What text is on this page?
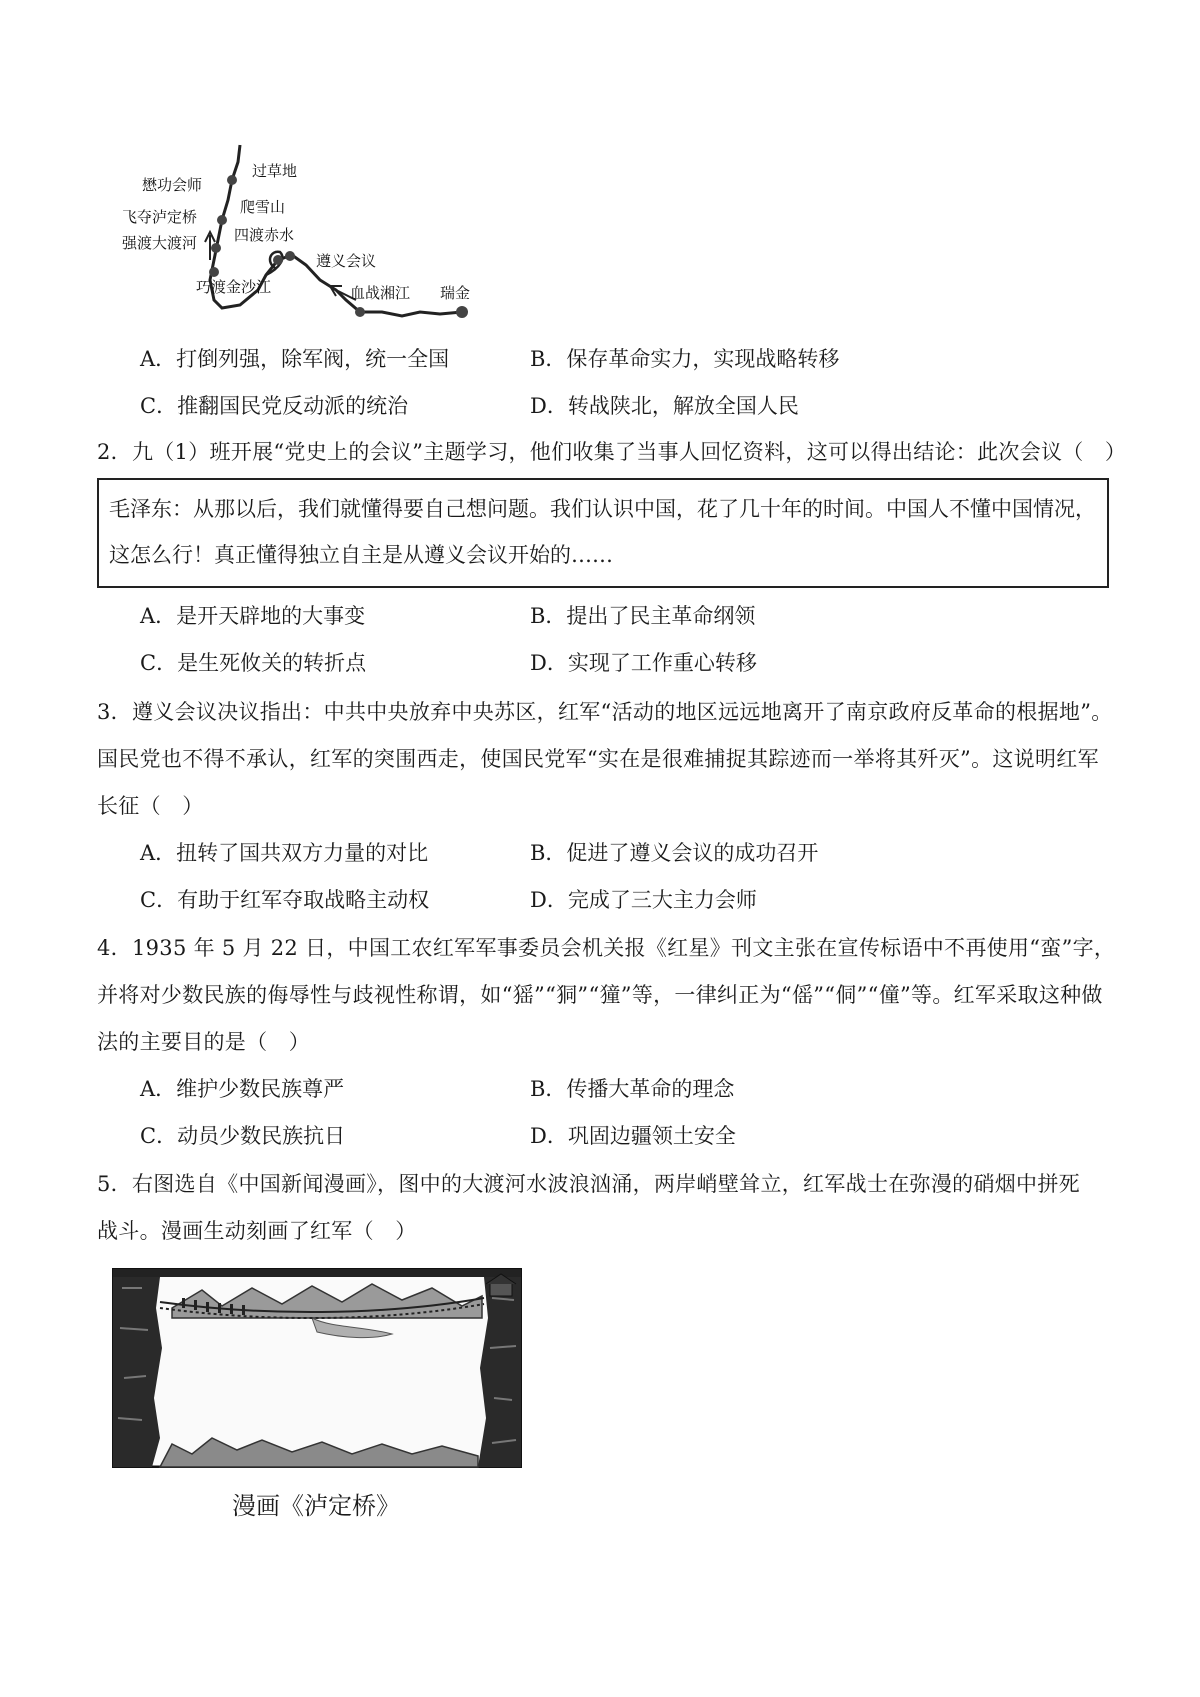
过草地
懋功会师
爬雪山
飞夺泸定桥
四渡赤水
强渡大渡河
遵义会议
巧渡金沙江	血战湘江 瑞金
A．打倒列强，除军阀，统一全国	B．保存革命实力，实现战略转移
C．推翻国民党反动派的统治	D．转战陕北，解放全国人民
2．九（1）班开展“党史上的会议”主题学习，他们收集了当事人回忆资料，这可以得出结论：此次会议（　）
毛泽东：从那以后，我们就懂得要自己想问题。我们认识中国，花了几十年的时间。中国人不懂中国情况，
这怎么行！真正懂得独立自主是从遵义会议开始的……
A．是开天辟地的大事变	B．提出了民主革命纲领
C．是生死攸关的转折点	D．实现了工作重心转移
3．遵义会议决议指出：中共中央放弃中央苏区，红军“活动的地区远远地离开了南京政府反革命的根据地”。
国民党也不得不承认，红军的突围西走，使国民党军“实在是很难捕捉其踪迹而一举将其歼灭”。这说明红军
长征（　）
A．扭转了国共双方力量的对比	B．促进了遵义会议的成功召开
C．有助于红军夺取战略主动权	D．完成了三大主力会师
4．1935 年 5 月 22 日，中国工农红军军事委员会机关报《红星》刊文主张在宣传标语中不再使用“蛮”字，
并将对少数民族的侮辱性与歧视性称谓，如“猺”“狪”“獞”等，一律纠正为“傜”“侗”“僮”等。红军采取这种做
法的主要目的是（　）
A．维护少数民族尊严	B．传播大革命的理念
C．动员少数民族抗日	D．巩固边疆领土安全
5．右图选自《中国新闻漫画》，图中的大渡河水波浪汹涌，两岸峭壁耸立，红军战士在弥漫的硝烟中拼死
战斗。漫画生动刻画了红军（　）
漫画《泸定桥》
